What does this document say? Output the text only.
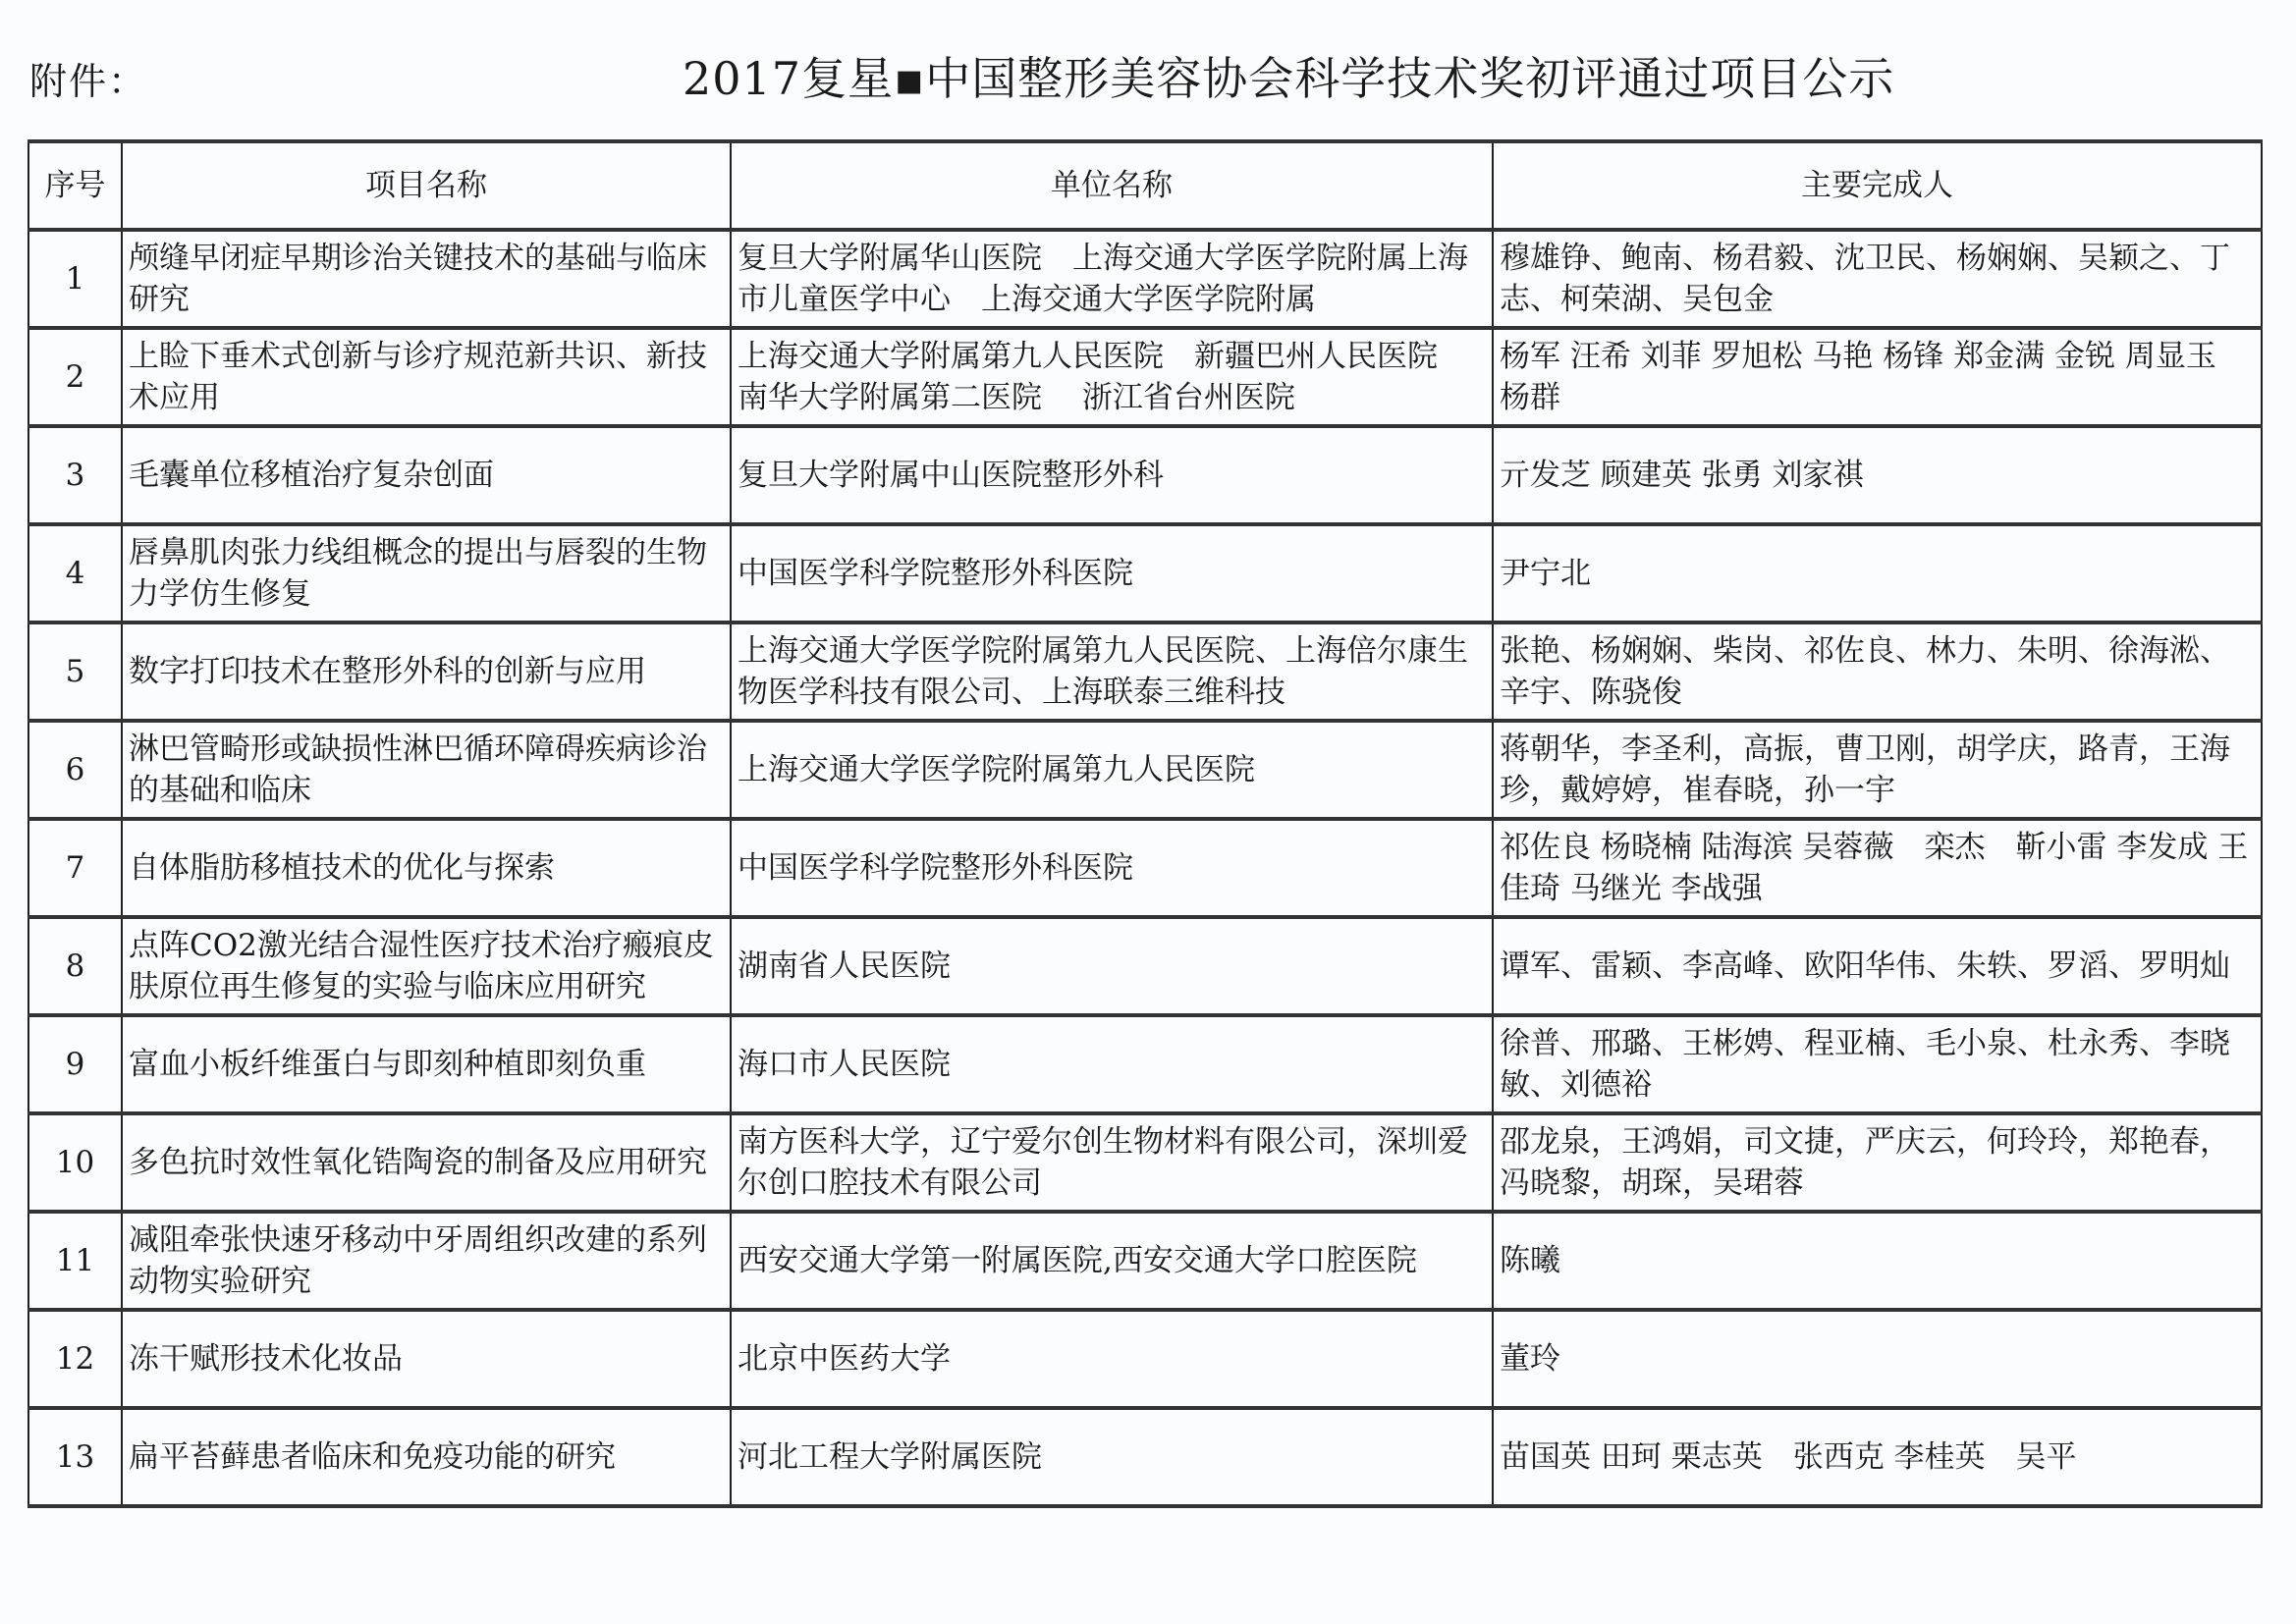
附件：	2017复星▪中国整形美容协会科学技术奖初评通过项目公示
序号	项目名称	单位名称	主要完成人
1	颅缝早闭症早期诊治关键技术的基础与临床研究	复旦大学附属华山医院　上海交通大学医学院附属上海市儿童医学中心　上海交通大学医学院附属	穆雄铮、鲍南、杨君毅、沈卫民、杨娴娴、吴颖之、丁志、柯荣湖、吴包金
2	上睑下垂术式创新与诊疗规范新共识、新技术应用	上海交通大学附属第九人民医院　新疆巴州人民医院　南华大学附属第二医院　 浙江省台州医院	杨军 汪希 刘菲 罗旭松 马艳 杨锋 郑金满 金锐 周显玉 杨群
3	毛囊单位移植治疗复杂创面	复旦大学附属中山医院整形外科	亓发芝 顾建英 张勇 刘家祺
4	唇鼻肌肉张力线组概念的提出与唇裂的生物力学仿生修复	中国医学科学院整形外科医院	尹宁北
5	数字打印技术在整形外科的创新与应用	上海交通大学医学院附属第九人民医院、上海倍尔康生物医学科技有限公司、上海联泰三维科技	张艳、杨娴娴、柴岗、祁佐良、林力、朱明、徐海淞、辛宇、陈骁俊
6	淋巴管畸形或缺损性淋巴循环障碍疾病诊治的基础和临床	上海交通大学医学院附属第九人民医院	蒋朝华，李圣利，高振，曹卫刚，胡学庆，路青，王海珍，戴婷婷，崔春晓，孙一宇
7	自体脂肪移植技术的优化与探索	中国医学科学院整形外科医院	祁佐良 杨晓楠 陆海滨 吴蓉薇　栾杰　靳小雷 李发成 王佳琦 马继光 李战强
8	点阵CO2激光结合湿性医疗技术治疗瘢痕皮肤原位再生修复的实验与临床应用研究	湖南省人民医院	谭军、雷颖、李高峰、欧阳华伟、朱轶、罗滔、罗明灿
9	富血小板纤维蛋白与即刻种植即刻负重	海口市人民医院	徐普、邢璐、王彬娉、程亚楠、毛小泉、杜永秀、李晓敏、刘德裕
10	多色抗时效性氧化锆陶瓷的制备及应用研究	南方医科大学，辽宁爱尔创生物材料有限公司，深圳爱尔创口腔技术有限公司	邵龙泉，王鸿娟，司文捷，严庆云，何玲玲，郑艳春，冯晓黎，胡琛，吴珺蓉
11	减阻牵张快速牙移动中牙周组织改建的系列动物实验研究	西安交通大学第一附属医院,西安交通大学口腔医院	陈曦
12	冻干赋形技术化妆品	北京中医药大学	董玲
13	扁平苔藓患者临床和免疫功能的研究	河北工程大学附属医院	苗国英 田珂 栗志英　张西克 李桂英　吴平
